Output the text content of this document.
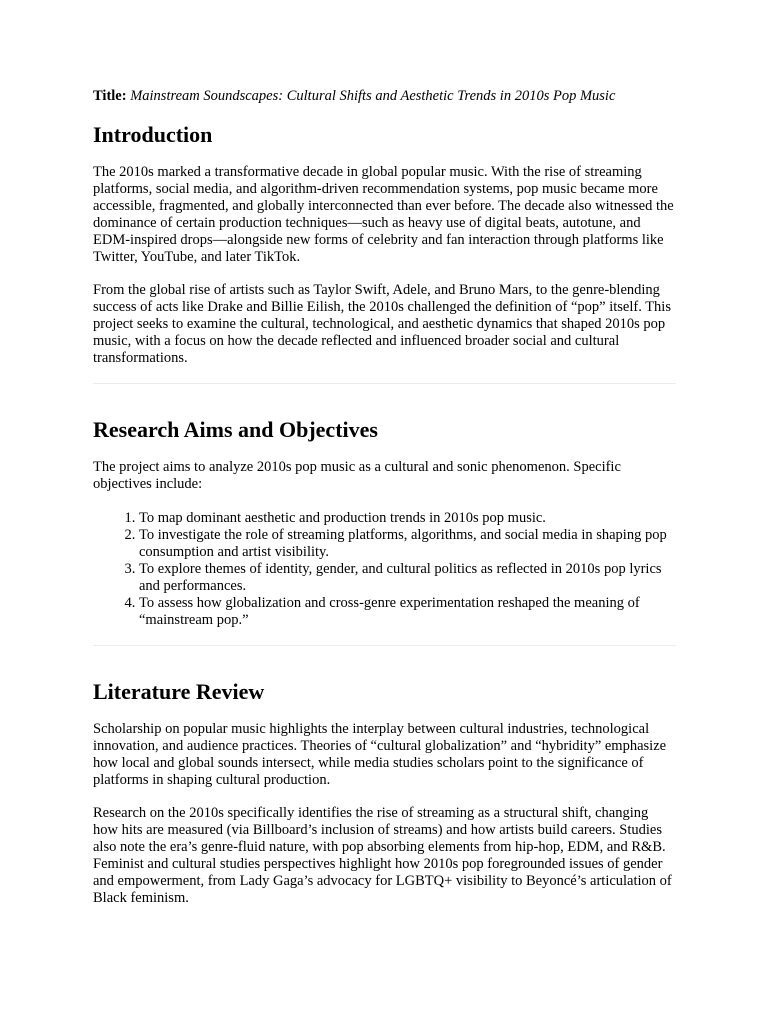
Title: Mainstream Soundscapes: Cultural Shifts and Aesthetic Trends in 2010s Pop Music

Introduction

The 2010s marked a transformative decade in global popular music. With the rise of streaming platforms, social media, and algorithm-driven recommendation systems, pop music became more accessible, fragmented, and globally interconnected than ever before. The decade also witnessed the dominance of certain production techniques—such as heavy use of digital beats, autotune, and EDM-inspired drops—alongside new forms of celebrity and fan interaction through platforms like Twitter, YouTube, and later TikTok.

From the global rise of artists such as Taylor Swift, Adele, and Bruno Mars, to the genre-blending success of acts like Drake and Billie Eilish, the 2010s challenged the definition of “pop” itself. This project seeks to examine the cultural, technological, and aesthetic dynamics that shaped 2010s pop music, with a focus on how the decade reflected and influenced broader social and cultural transformations.

Research Aims and Objectives

The project aims to analyze 2010s pop music as a cultural and sonic phenomenon. Specific objectives include:

1. To map dominant aesthetic and production trends in 2010s pop music.
2. To investigate the role of streaming platforms, algorithms, and social media in shaping pop consumption and artist visibility.
3. To explore themes of identity, gender, and cultural politics as reflected in 2010s pop lyrics and performances.
4. To assess how globalization and cross-genre experimentation reshaped the meaning of “mainstream pop.”
Literature Review

Scholarship on popular music highlights the interplay between cultural industries, technological innovation, and audience practices. Theories of “cultural globalization” and “hybridity” emphasize how local and global sounds intersect, while media studies scholars point to the significance of platforms in shaping cultural production.

Research on the 2010s specifically identifies the rise of streaming as a structural shift, changing how hits are measured (via Billboard’s inclusion of streams) and how artists build careers. Studies also note the era’s genre-fluid nature, with pop absorbing elements from hip-hop, EDM, and R&B. Feminist and cultural studies perspectives highlight how 2010s pop foregrounded issues of gender and empowerment, from Lady Gaga’s advocacy for LGBTQ+ visibility to Beyoncé’s articulation of Black feminism.
